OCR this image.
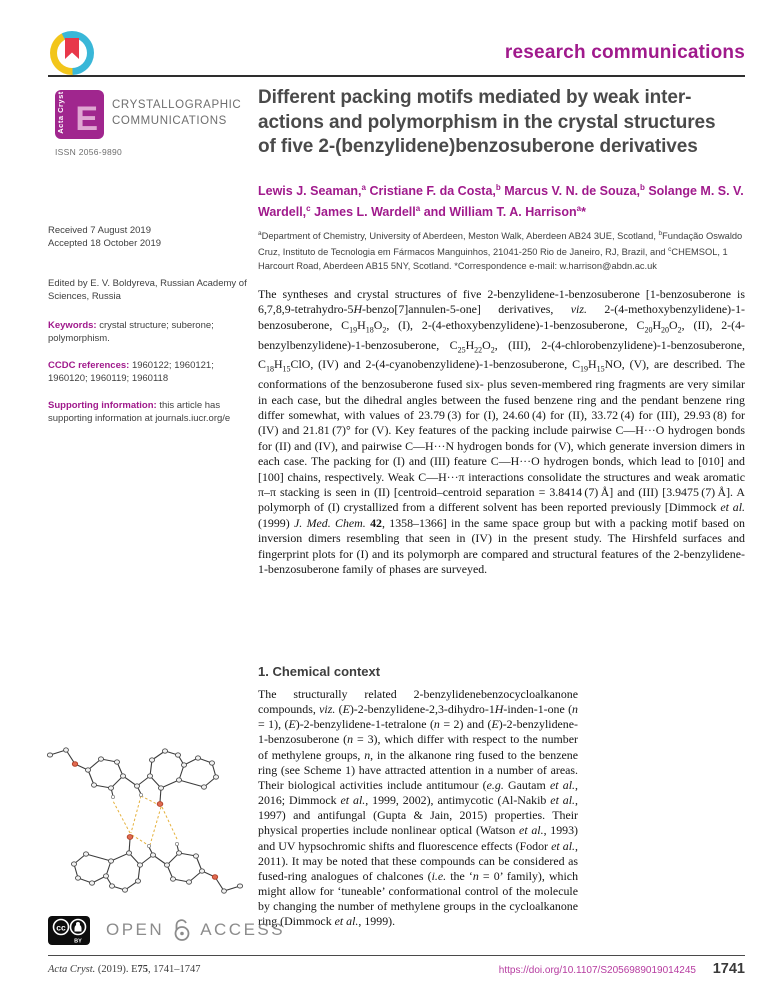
research communications
Acta Cryst E CRYSTALLOGRAPHIC
COMMUNICATIONS
ISSN 2056-9890
Different packing motifs mediated by weak inter-
actions and polymorphism in the crystal structures
of five 2-(benzylidene)benzosuberone derivatives
Lewis J. Seaman,$^a$ Cristiane F. da Costa,$^b$ Marcus V. N. de Souza,$^b$ Solange M. S. V. Wardell,$^c$ James L. Wardell$^a$ and William T. A. Harrison$^a$*
$^a$Department of Chemistry, University of Aberdeen, Meston Walk, Aberdeen AB24 3UE, Scotland, $^b$Fundação Oswaldo Cruz, Instituto de Tecnologia em Fármacos Manguinhos, 21041-250 Rio de Janeiro, RJ, Brazil, and $^c$CHEMSOL, 1 Harcourt Road, Aberdeen AB15 5NY, Scotland. *Correspondence e-mail: w.harrison@abdn.ac.uk
Received 7 August 2019
Accepted 18 October 2019
Edited by E. V. Boldyreva, Russian Academy of Sciences, Russia
Keywords: crystal structure; suberone; polymorphism.
CCDC references: 1960122; 1960121; 1960120; 1960119; 1960118
Supporting information: this article has supporting information at journals.iucr.org/e
The syntheses and crystal structures of five 2-benzylidene-1-benzosuberone [1-benzosuberone is 6,7,8,9-tetrahydro-5H-benzo[7]annulen-5-one] derivatives, viz. 2-(4-methoxybenzylidene)-1-benzosuberone, $C_{19}H_{18}O_2$, (I), 2-(4-ethoxybenzylidene)-1-benzosuberone, $C_{20}H_{20}O_2$, (II), 2-(4-benzylbenzylidene)-1-benzosuberone, $C_{25}H_{22}O_2$, (III), 2-(4-chlorobenzylidene)-1-benzosuberone, $C_{18}H_{15}ClO$, (IV) and 2-(4-cyanobenzylidene)-1-benzosuberone, $C_{19}H_{15}NO$, (V), are described. The conformations of the benzosuberone fused six- plus seven-membered ring fragments are very similar in each case, but the dihedral angles between the fused benzene ring and the pendant benzene ring differ somewhat, with values of 23.79 (3) for (I), 24.60 (4) for (II), 33.72 (4) for (III), 29.93 (8) for (IV) and 21.81 (7)° for (V). Key features of the packing include pairwise C—H···O hydrogen bonds for (II) and (IV), and pairwise C—H···N hydrogen bonds for (V), which generate inversion dimers in each case. The packing for (I) and (III) feature C—H···O hydrogen bonds, which lead to [010] and [100] chains, respectively. Weak C—H···π interactions consolidate the structures and weak aromatic π–π stacking is seen in (II) [centroid–centroid separation = 3.8414 (7) Å] and (III) [3.9475 (7) Å]. A polymorph of (I) crystallized from a different solvent has been reported previously [Dimmock et al. (1999) J. Med. Chem. 42, 1358–1366] in the same space group but with a packing motif based on inversion dimers resembling that seen in (IV) in the present study. The Hirshfeld surfaces and fingerprint plots for (I) and its polymorph are compared and structural features of the 2-benzylidene-1-benzosuberone family of phases are surveyed.
1. Chemical context
The structurally related 2-benzylidenebenzocycloalkanone compounds, viz. (E)-2-benzylidene-2,3-dihydro-1H-inden-1-one (n = 1), (E)-2-benzylidene-1-tetralone (n = 2) and (E)-2-benzylidene-1-benzosuberone (n = 3), which differ with respect to the number of methylene groups, n, in the alkanone ring fused to the benzene ring (see Scheme 1) have attracted attention in a number of areas. Their biological activities include antitumour (e.g. Gautam et al., 2016; Dimmock et al., 1999, 2002), antimycotic (Al-Nakib et al., 1997) and antifungal (Gupta & Jain, 2015) properties. Their physical properties include nonlinear optical (Watson et al., 1993) and UV hypsochromic shifts and fluorescence effects (Fodor et al., 2011). It may be noted that these compounds can be considered as fused-ring analogues of chalcones (i.e. the ‘n = 0’ family), which might allow for ‘tuneable’ conformational control of the molecule by changing the number of methylene groups in the cycloalkanone ring (Dimmock et al., 1999).
cc
BY
OPEN ACCESS
Acta Cryst. (2019). E75, 1741–1747	https://doi.org/10.1107/S2056989019014245 1741
